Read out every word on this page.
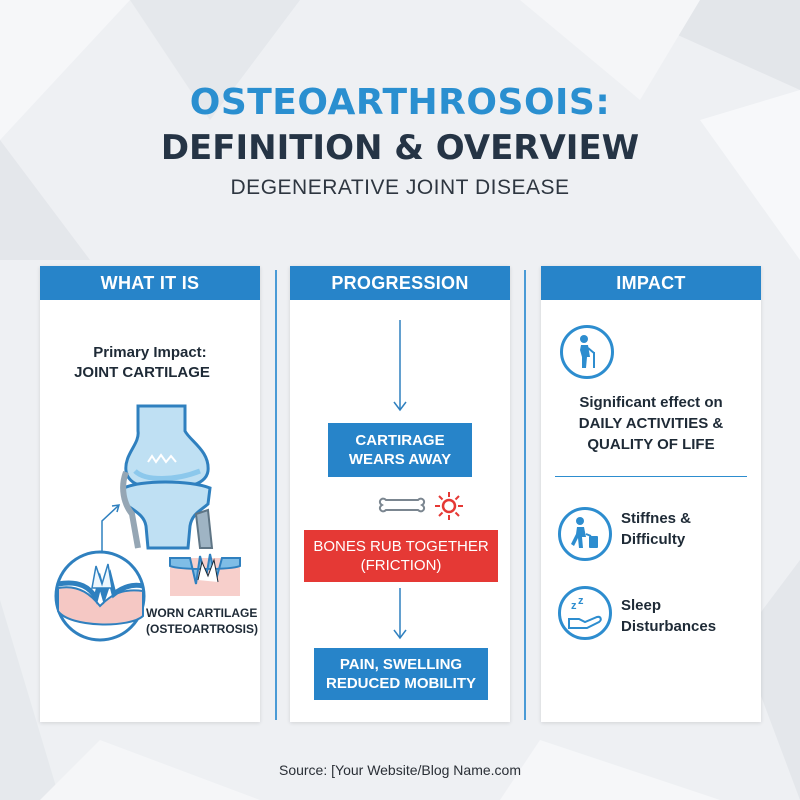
OSTEOARTHROSOIS:
DEFINITION & OVERVIEW
DEGENERATIVE JOINT DISEASE
WHAT IT IS
Primary Impact:
JOINT CARTILAGE
WORN CARTILAGE
(OSTEOARTROSIS)
PROGRESSION
CARTIRAGE
WEARS AWAY
BONES RUB TOGETHER
(FRICTION)
PAIN, SWELLING
REDUCED MOBILITY
IMPACT
Significant effect on
DAILY ACTIVITIES &
QUALITY OF LIFE
Stiffnes &
Difficulty
z z	Sleep
Disturbances
Source: [Your Website/Blog Name.com
